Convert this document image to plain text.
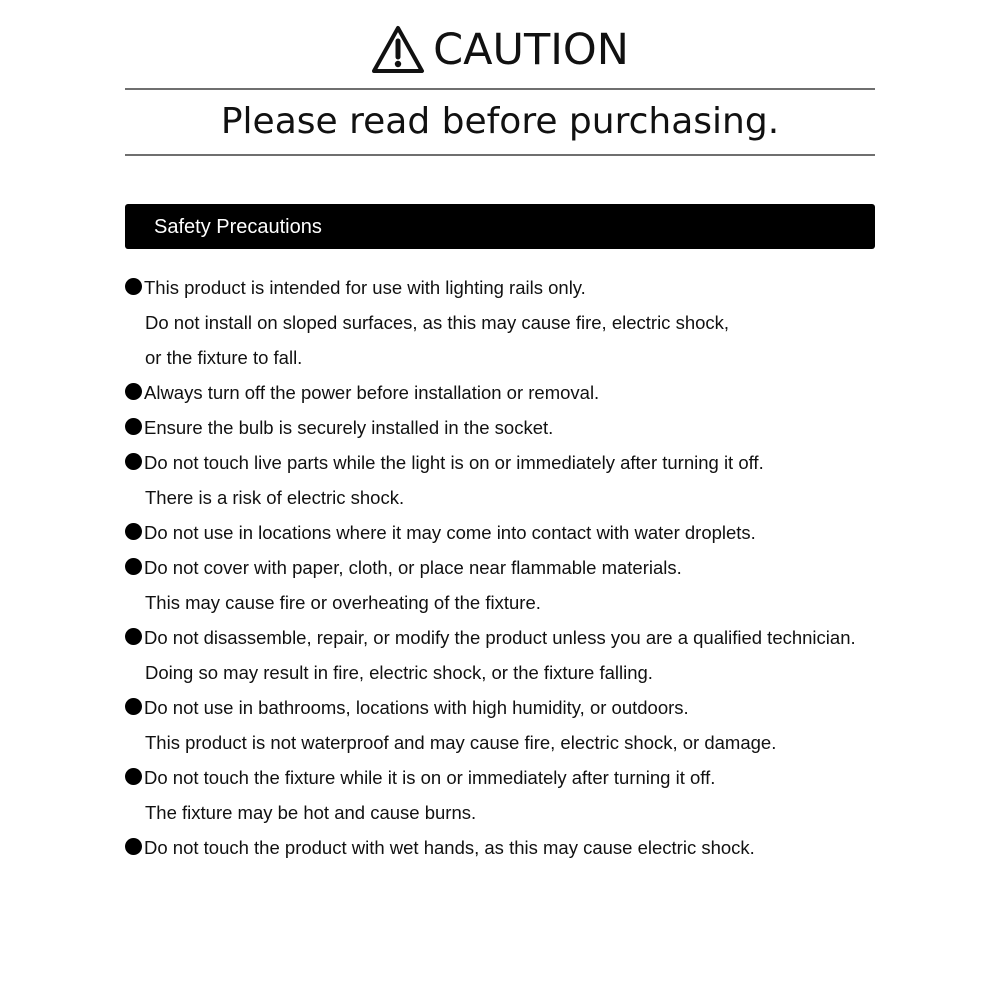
CAUTION
Please read before purchasing.
Safety Precautions
This product is intended for use with lighting rails only.
Do not install on sloped surfaces, as this may cause fire, electric shock,
or the fixture to fall.
Always turn off the power before installation or removal.
Ensure the bulb is securely installed in the socket.
Do not touch live parts while the light is on or immediately after turning it off.
There is a risk of electric shock.
Do not use in locations where it may come into contact with water droplets.
Do not cover with paper, cloth, or place near flammable materials.
This may cause fire or overheating of the fixture.
Do not disassemble, repair, or modify the product unless you are a qualified technician.
Doing so may result in fire, electric shock, or the fixture falling.
Do not use in bathrooms, locations with high humidity, or outdoors.
This product is not waterproof and may cause fire, electric shock, or damage.
Do not touch the fixture while it is on or immediately after turning it off.
The fixture may be hot and cause burns.
Do not touch the product with wet hands, as this may cause electric shock.
